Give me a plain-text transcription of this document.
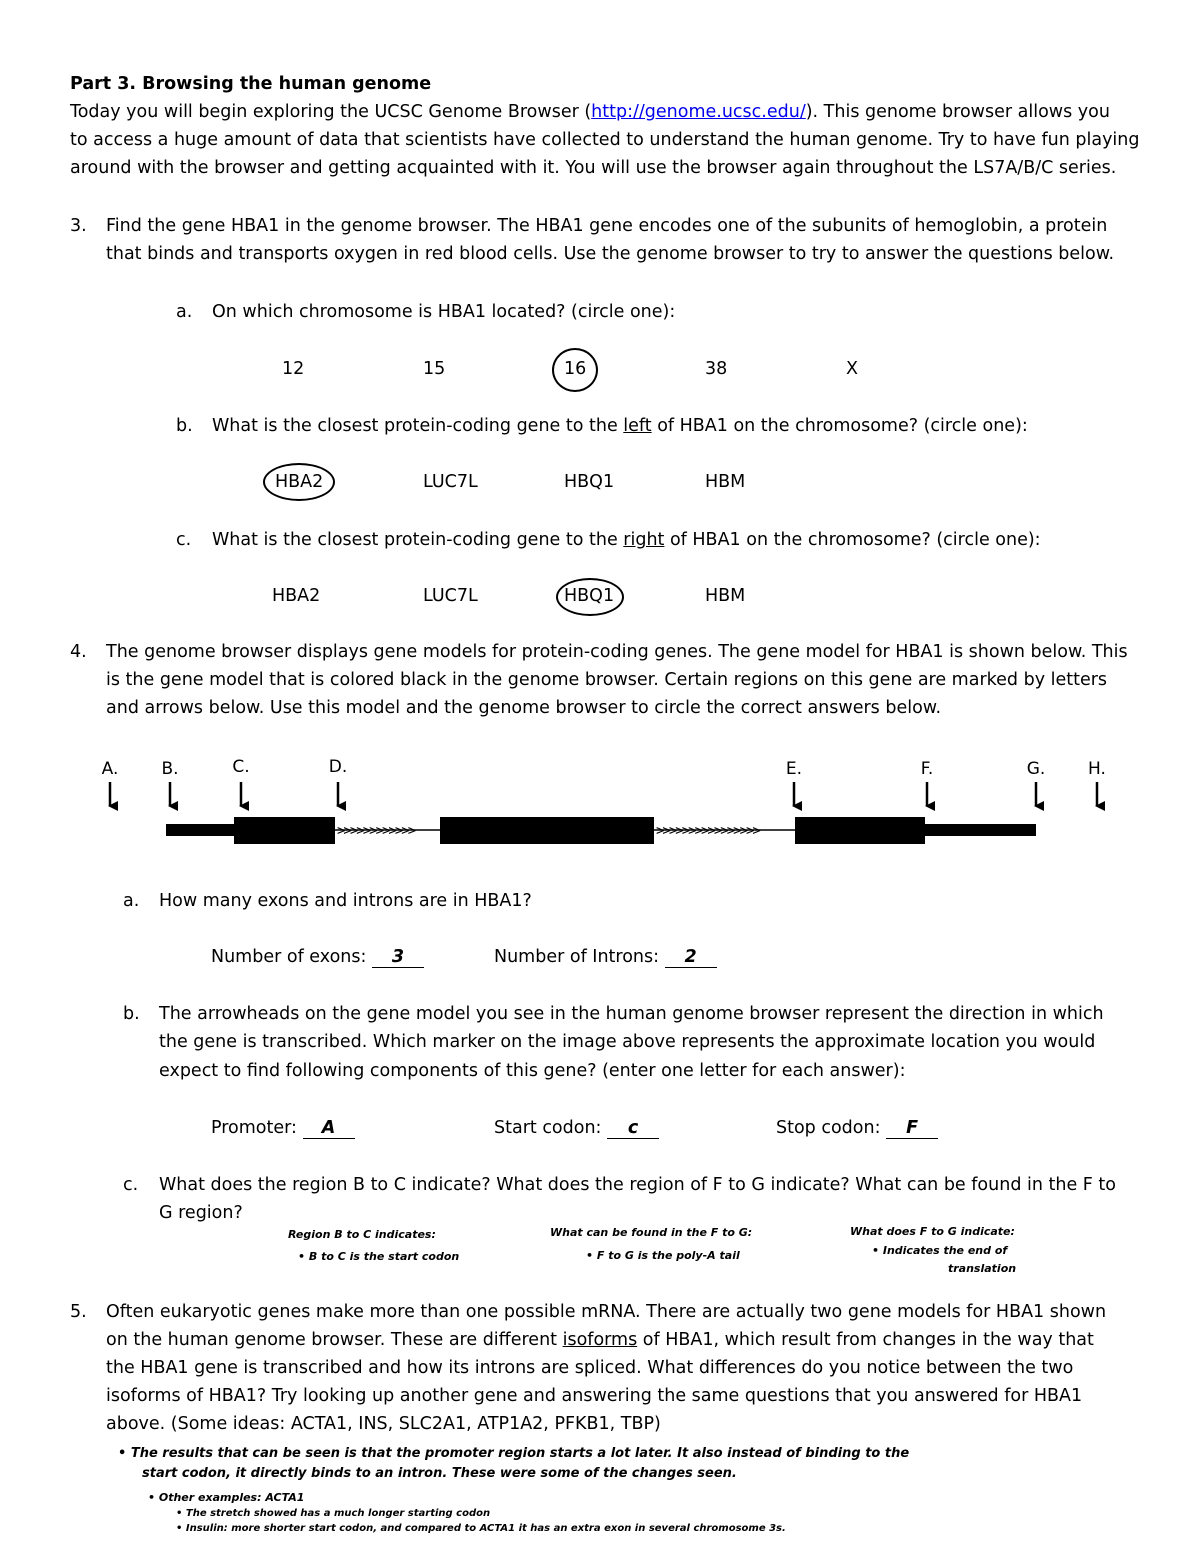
Part 3. Browsing the human genome
Today you will begin exploring the UCSC Genome Browser (http://genome.ucsc.edu/). This genome browser allows you
to access a huge amount of data that scientists have collected to understand the human genome. Try to have fun playing
around with the browser and getting acquainted with it. You will use the browser again throughout the LS7A/B/C series.
3. Find the gene HBA1 in the genome browser. The HBA1 gene encodes one of the subunits of hemoglobin, a protein
that binds and transports oxygen in red blood cells. Use the genome browser to try to answer the questions below.
a. On which chromosome is HBA1 located? (circle one):
12	15	16	38	X
b. What is the closest protein-coding gene to the left of HBA1 on the chromosome? (circle one):
HBA2	LUC7L	HBQ1	HBM
c. What is the closest protein-coding gene to the right of HBA1 on the chromosome? (circle one):
HBA2	LUC7L	HBQ1	HBM
4. The genome browser displays gene models for protein-coding genes. The gene model for HBA1 is shown below. This
is the gene model that is colored black in the genome browser. Certain regions on this gene are marked by letters
and arrows below. Use this model and the genome browser to circle the correct answers below.
A.	B.	C.	D.	E.	F.	G.	H.
>>>>>>>>>>>>	>>>>>>>>>>>>>>>>
a. How many exons and introns are in HBA1?
Number of exons: 3	Number of Introns: 2
b. The arrowheads on the gene model you see in the human genome browser represent the direction in which
the gene is transcribed. Which marker on the image above represents the approximate location you would
expect to find following components of this gene? (enter one letter for each answer):
Promoter: A	Start codon: c	Stop codon: F
c. What does the region B to C indicate? What does the region of F to G indicate? What can be found in the F to
G region?
Region B to C indicates:
• B to C is the start codon
What can be found in the F to G:
• F to G is the poly-A tail
What does F to G indicate:
• Indicates the end of
translation
5. Often eukaryotic genes make more than one possible mRNA. There are actually two gene models for HBA1 shown
on the human genome browser. These are different isoforms of HBA1, which result from changes in the way that
the HBA1 gene is transcribed and how its introns are spliced. What differences do you notice between the two
isoforms of HBA1? Try looking up another gene and answering the same questions that you answered for HBA1
above. (Some ideas: ACTA1, INS, SLC2A1, ATP1A2, PFKB1, TBP)
• The results that can be seen is that the promoter region starts a lot later. It also instead of binding to the
start codon, it directly binds to an intron. These were some of the changes seen.
• Other examples: ACTA1
• The stretch showed has a much longer starting codon
• Insulin: more shorter start codon, and compared to ACTA1 it has an extra exon in several chromosome 3s.
